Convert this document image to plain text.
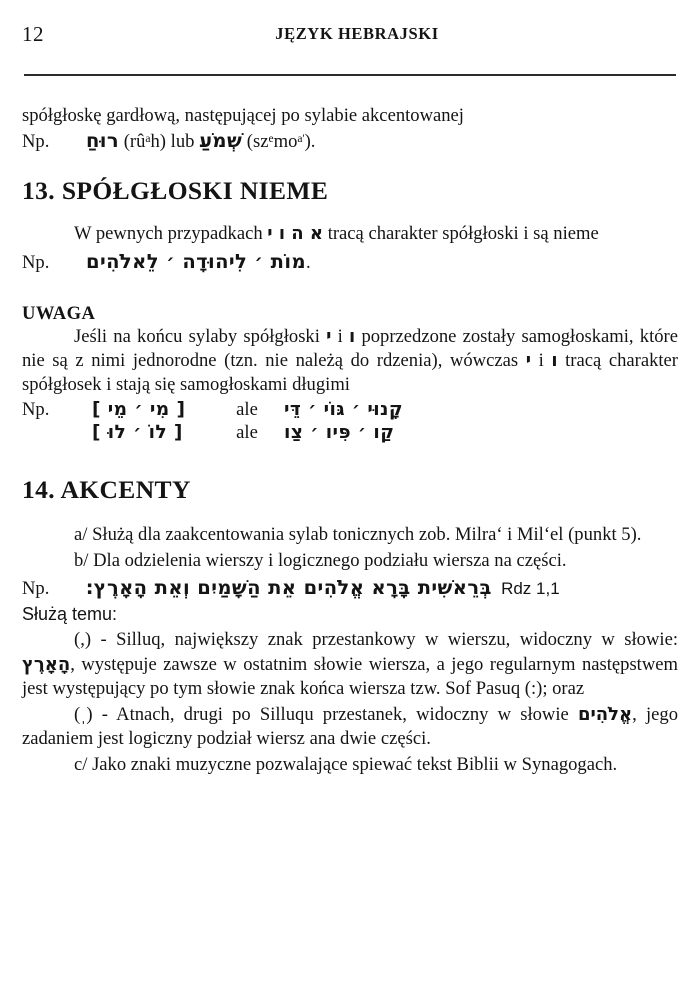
12	JĘZYK HEBRAJSKI

spółgłoskę gardłową, następującej po sylabie akcentowanej

Np. רוּחַ $(rû^ah)$ lub שְׁמֹעַ $(sz^emo^{a'})$.
13. SPÓŁGŁOSKI NIEME

W pewnych przypadkach א ה ו י tracą charakter spółgłoski i są nieme

Np. מוֹת ׳ לִיהוּדָה ׳ לֵאלֹהִים.

UWAGA

Jeśli na końcu sylaby spółgłoski י i ו poprzedzone zostały samogłoskami, które nie są z nimi jednorodne (tzn. nie należą do rdzenia), wówczas י i ו tracą charakter spółgłosek i stają się samogłoskami długimi

Np.	[ מִי ׳ מֵי ]	ale	קָנוּי ׳ גּוֹי ׳ דֵּי
	[ לוֹ ׳ לוּ ]	ale	קַו ׳ פִּיו ׳ צַו
14. AKCENTY

a/ Służą dla zaakcentowania sylab tonicznych zob. Milra‘ i Mil‘el (punkt 5).

b/ Dla odzielenia wierszy i logicznego podziału wiersza na części.

Np. בְּרֵאשִׁית בָּרָא אֱלֹהִים אֵת הַשָּׁמַיִם וְאֵת הָאָרֶץ׃ Rdz 1,1

Służą temu:

(,) - Silluq, największy znak przestankowy w wierszu, widoczny w słowie: הָאָרֶץ, występuje zawsze w ostatnim słowie wiersza, a jego regularnym następstwem jest występujący po tym słowie znak końca wiersza tzw. Sof Pasuq (:); oraz

(ˌ) - Atnach, drugi po Silluqu przestanek, widoczny w słowie אֱלֹהִים, jego zadaniem jest logiczny podział wiersz ana dwie części.

c/ Jako znaki muzyczne pozwalające spiewać tekst Biblii w Synagogach.
